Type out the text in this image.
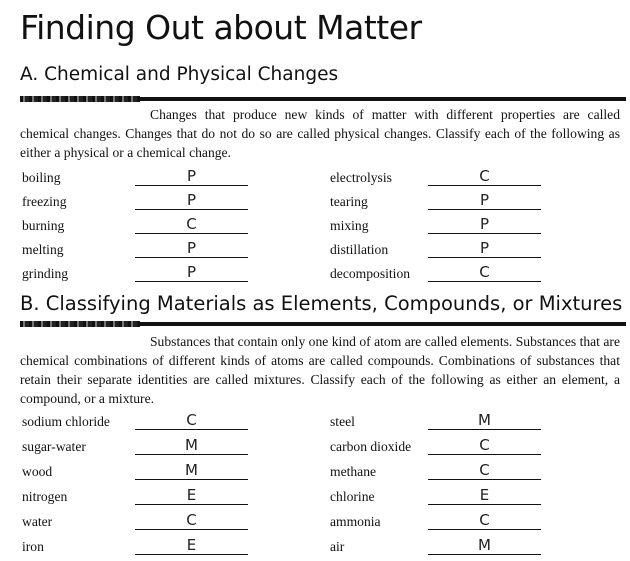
Finding Out about Matter
A. Chemical and Physical Changes
Changes that produce new kinds of matter with different properties are called chemical changes. Changes that do not do so are called physical changes. Classify each of the following as either a physical or a chemical change.
boiling	P
freezing	P
burning	C
melting	P
grinding	P
electrolysis	C
tearing	P
mixing	P
distillation	P
decomposition	C
B. Classifying Materials as Elements, Compounds, or Mixtures
Substances that contain only one kind of atom are called elements. Substances that are chemical combinations of different kinds of atoms are called compounds. Combinations of substances that retain their separate identities are called mixtures. Classify each of the following as either an element, a compound, or a mixture.
sodium chloride	C
sugar-water	M
wood	M
nitrogen	E
water	C
iron	E
steel	M
carbon dioxide	C
methane	C
chlorine	E
ammonia	C
air	M
